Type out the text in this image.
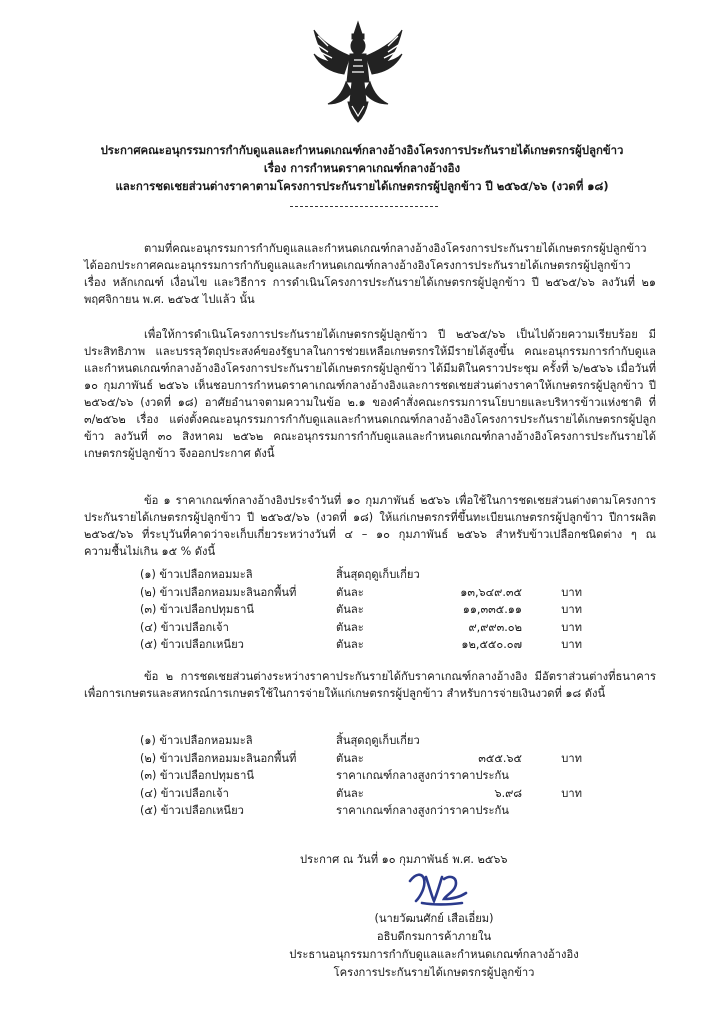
ประกาศคณะอนุกรรมการกำกับดูแลและกำหนดเกณฑ์กลางอ้างอิงโครงการประกันรายได้เกษตรกรผู้ปลูกข้าว
เรื่อง การกำหนดราคาเกณฑ์กลางอ้างอิง
และการชดเชยส่วนต่างราคาตามโครงการประกันรายได้เกษตรกรผู้ปลูกข้าว ปี ๒๕๖๕/๖๖ (งวดที่ ๑๘)

ตามที่คณะอนุกรรมการกำกับดูแลและกำหนดเกณฑ์กลางอ้างอิงโครงการประกันรายได้เกษตรกรผู้ปลูกข้าว ได้ออกประกาศคณะอนุกรรมการกำกับดูแลและกำหนดเกณฑ์กลางอ้างอิงโครงการประกันรายได้เกษตรกรผู้ปลูกข้าว เรื่อง หลักเกณฑ์ เงื่อนไข และวิธีการ การดำเนินโครงการประกันรายได้เกษตรกรผู้ปลูกข้าว ปี ๒๕๖๕/๖๖ ลงวันที่ ๒๑ พฤศจิกายน พ.ศ. ๒๕๖๕ ไปแล้ว นั้น

เพื่อให้การดำเนินโครงการประกันรายได้เกษตรกรผู้ปลูกข้าว ปี ๒๕๖๕/๖๖ เป็นไปด้วยความเรียบร้อย มีประสิทธิภาพ และบรรลุวัตถุประสงค์ของรัฐบาลในการช่วยเหลือเกษตรกรให้มีรายได้สูงขึ้น คณะอนุกรรมการกำกับดูแลและกำหนดเกณฑ์กลางอ้างอิงโครงการประกันรายได้เกษตรกรผู้ปลูกข้าว ได้มีมติในคราวประชุม ครั้งที่ ๖/๒๕๖๖ เมื่อวันที่ ๑๐ กุมภาพันธ์ ๒๕๖๖ เห็นชอบการกำหนดราคาเกณฑ์กลางอ้างอิงและการชดเชยส่วนต่างราคาให้เกษตรกรผู้ปลูกข้าว ปี ๒๕๖๕/๖๖ (งวดที่ ๑๘) อาศัยอำนาจตามความในข้อ ๒.๑ ของคำสั่งคณะกรรมการนโยบายและบริหารข้าวแห่งชาติ ที่ ๓/๒๕๖๒ เรื่อง แต่งตั้งคณะอนุกรรมการกำกับดูแลและกำหนดเกณฑ์กลางอ้างอิงโครงการประกันรายได้เกษตรกรผู้ปลูกข้าว ลงวันที่ ๓๐ สิงหาคม ๒๕๖๒ คณะอนุกรรมการกำกับดูแลและกำหนดเกณฑ์กลางอ้างอิงโครงการประกันรายได้เกษตรกรผู้ปลูกข้าว จึงออกประกาศ ดังนี้

ข้อ ๑ ราคาเกณฑ์กลางอ้างอิงประจำวันที่ ๑๐ กุมภาพันธ์ ๒๕๖๖ เพื่อใช้ในการชดเชยส่วนต่างตามโครงการประกันรายได้เกษตรกรผู้ปลูกข้าว ปี ๒๕๖๕/๖๖ (งวดที่ ๑๘) ให้แก่เกษตรกรที่ขึ้นทะเบียนเกษตรกรผู้ปลูกข้าว ปีการผลิต ๒๕๖๕/๖๖ ที่ระบุวันที่คาดว่าจะเก็บเกี่ยวระหว่างวันที่ ๔ – ๑๐ กุมภาพันธ์ ๒๕๖๖ สำหรับข้าวเปลือกชนิดต่าง ๆ ณ ความชื้นไม่เกิน ๑๕ % ดังนี้

(๑) ข้าวเปลือกหอมมะลิ	สิ้นสุดฤดูเก็บเกี่ยว
(๒) ข้าวเปลือกหอมมะลินอกพื้นที่	ตันละ	๑๓,๖๔๙.๓๕	บาท
(๓) ข้าวเปลือกปทุมธานี	ตันละ	๑๑,๓๓๕.๑๑	บาท
(๔) ข้าวเปลือกเจ้า	ตันละ	๙,๙๙๓.๐๒	บาท
(๕) ข้าวเปลือกเหนียว	ตันละ	๑๒,๕๕๐.๐๗	บาท

ข้อ ๒ การชดเชยส่วนต่างระหว่างราคาประกันรายได้กับราคาเกณฑ์กลางอ้างอิง มีอัตราส่วนต่างที่ธนาคารเพื่อการเกษตรและสหกรณ์การเกษตรใช้ในการจ่ายให้แก่เกษตรกรผู้ปลูกข้าว สำหรับการจ่ายเงินงวดที่ ๑๘ ดังนี้

(๑) ข้าวเปลือกหอมมะลิ	สิ้นสุดฤดูเก็บเกี่ยว
(๒) ข้าวเปลือกหอมมะลินอกพื้นที่	ตันละ	๓๕๕.๖๕	บาท
(๓) ข้าวเปลือกปทุมธานี	ราคาเกณฑ์กลางสูงกว่าราคาประกัน
(๔) ข้าวเปลือกเจ้า	ตันละ	๖.๙๘	บาท
(๕) ข้าวเปลือกเหนียว	ราคาเกณฑ์กลางสูงกว่าราคาประกัน
ประกาศ ณ วันที่ ๑๐ กุมภาพันธ์ พ.ศ. ๒๕๖๖
(นายวัฒนศักย์ เสือเอี่ยม)
อธิบดีกรมการค้าภายใน
ประธานอนุกรรมการกำกับดูแลและกำหนดเกณฑ์กลางอ้างอิง
โครงการประกันรายได้เกษตรกรผู้ปลูกข้าว
